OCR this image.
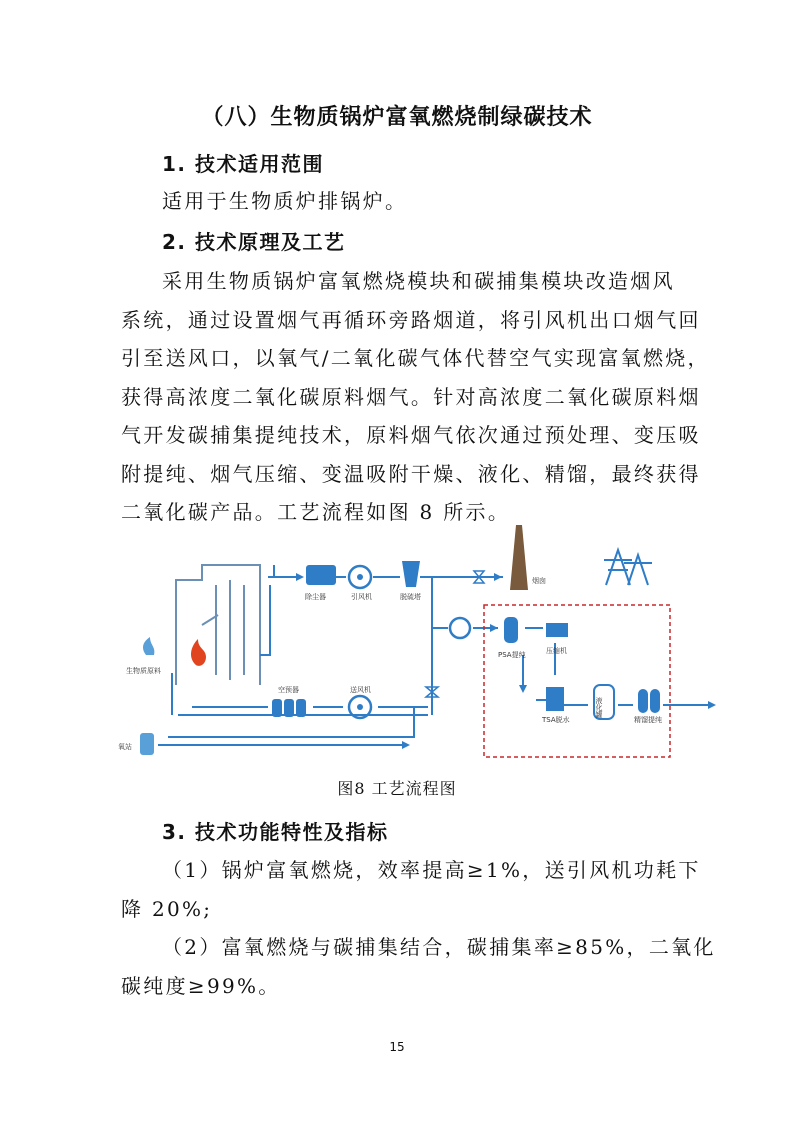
（八）生物质锅炉富氧燃烧制绿碳技术
1. 技术适用范围
适用于生物质炉排锅炉。
2. 技术原理及工艺
采用生物质锅炉富氧燃烧模块和碳捕集模块改造烟风
系统，通过设置烟气再循环旁路烟道，将引风机出口烟气回
引至送风口，以氧气/二氧化碳气体代替空气实现富氧燃烧，
获得高浓度二氧化碳原料烟气。针对高浓度二氧化碳原料烟
气开发碳捕集提纯技术，原料烟气依次通过预处理、变压吸
附提纯、烟气压缩、变温吸附干燥、液化、精馏，最终获得
二氧化碳产品。工艺流程如图 8 所示。
除尘器	引风机	脱硫塔
烟囱
生物质原料
PSA提纯	压缩机
空预器	送风机
TSA脱水
液化罐
精馏提纯
氧站
图8 工艺流程图
3. 技术功能特性及指标
（1）锅炉富氧燃烧，效率提高≥1%，送引风机功耗下
降 20%;
（2）富氧燃烧与碳捕集结合，碳捕集率≥85%，二氧化
碳纯度≥99%。
15
